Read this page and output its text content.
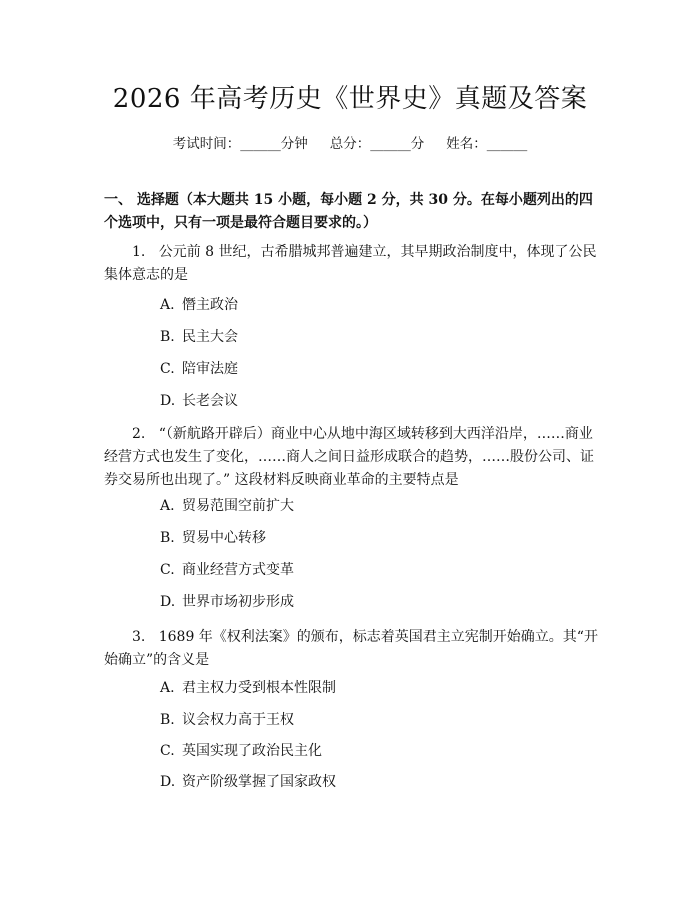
2026 年高考历史《世界史》真题及答案
考试时间：______分钟 总分：______分 姓名：______
一、 选择题（本大题共 15 小题，每小题 2 分，共 30 分。在每小题列出的四个选项中，只有一项是最符合题目要求的。）
1. 公元前 8 世纪，古希腊城邦普遍建立，其早期政治制度中，体现了公民集体意志的是
A. 僭主政治
B. 民主大会
C. 陪审法庭
D. 长老会议
2. “（新航路开辟后）商业中心从地中海区域转移到大西洋沿岸，……商业经营方式也发生了变化，……商人之间日益形成联合的趋势，……股份公司、证券交易所也出现了。” 这段材料反映商业革命的主要特点是
A. 贸易范围空前扩大
B. 贸易中心转移
C. 商业经营方式变革
D. 世界市场初步形成
3. 1689 年《权利法案》的颁布，标志着英国君主立宪制开始确立。其“开始确立”的含义是
A. 君主权力受到根本性限制
B. 议会权力高于王权
C. 英国实现了政治民主化
D. 资产阶级掌握了国家政权
